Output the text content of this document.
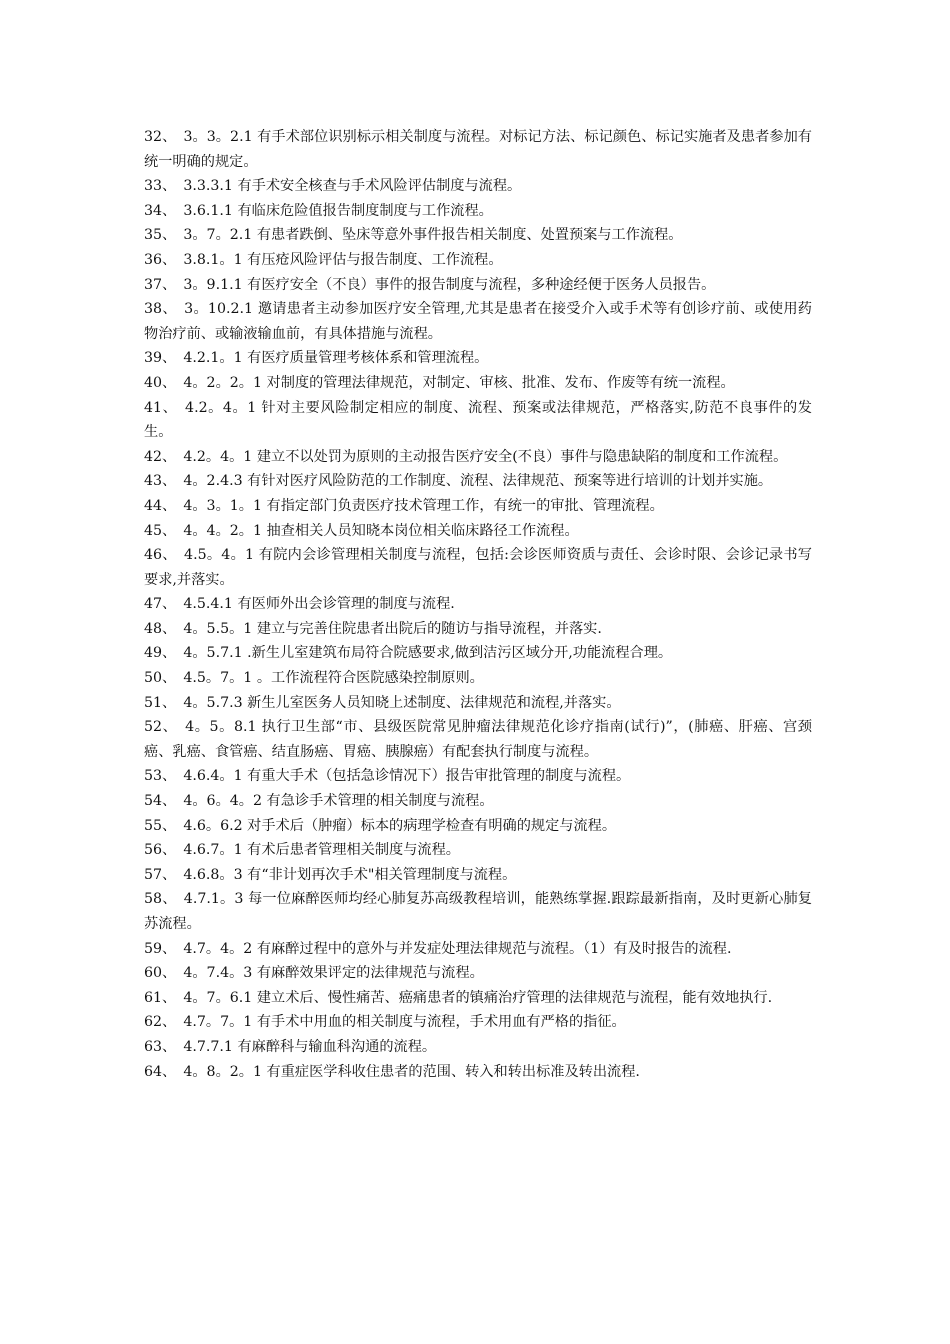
32、　3。3。2.1 有手术部位识别标示相关制度与流程。对标记方法、标记颜色、标记实施者及患者参加有统一明确的规定。

33、　3.3.3.1 有手术安全核查与手术风险评估制度与流程。

34、　3.6.1.1 有临床危险值报告制度制度与工作流程。

35、　3。7。2.1 有患者跌倒、坠床等意外事件报告相关制度、处置预案与工作流程。

36、　3.8.1。1 有压疮风险评估与报告制度、工作流程。

37、　3。9.1.1 有医疗安全（不良）事件的报告制度与流程，多种途经便于医务人员报告。

38、　3。10.2.1 邀请患者主动参加医疗安全管理,尤其是患者在接受介入或手术等有创诊疗前、或使用药物治疗前、或输液输血前，有具体措施与流程。

39、　4.2.1。1 有医疗质量管理考核体系和管理流程。

40、　4。2。2。1 对制度的管理法律规范，对制定、审核、批准、发布、作废等有统一流程。

41、　4.2。4。1 针对主要风险制定相应的制度、流程、预案或法律规范，严格落实,防范不良事件的发生。

42、　4.2。4。1 建立不以处罚为原则的主动报告医疗安全(不良）事件与隐患缺陷的制度和工作流程。

43、　4。2.4.3 有针对医疗风险防范的工作制度、流程、法律规范、预案等进行培训的计划并实施。

44、　4。3。1。1 有指定部门负责医疗技术管理工作，有统一的审批、管理流程。

45、　4。4。2。1 抽查相关人员知晓本岗位相关临床路径工作流程。

46、　4.5。4。1 有院内会诊管理相关制度与流程，包括:会诊医师资质与责任、会诊时限、会诊记录书写要求,并落实。

47、　4.5.4.1 有医师外出会诊管理的制度与流程.

48、　4。5.5。1 建立与完善住院患者出院后的随访与指导流程，并落实.

49、　4。5.7.1 .新生儿室建筑布局符合院感要求,做到洁污区域分开,功能流程合理。

50、　4.5。7。1 。工作流程符合医院感染控制原则。

51、　4。5.7.3 新生儿室医务人员知晓上述制度、法律规范和流程,并落实。

52、　4。5。8.1 执行卫生部“市、县级医院常见肿瘤法律规范化诊疗指南(试行)”，(肺癌、肝癌、宫颈癌、乳癌、食管癌、结直肠癌、胃癌、胰腺癌）有配套执行制度与流程。

53、　4.6.4。1 有重大手术（包括急诊情况下）报告审批管理的制度与流程。

54、　4。6。4。2 有急诊手术管理的相关制度与流程。

55、　4.6。6.2 对手术后（肿瘤）标本的病理学检查有明确的规定与流程。

56、　4.6.7。1 有术后患者管理相关制度与流程。

57、　4.6.8。3 有“非计划再次手术"相关管理制度与流程。

58、　4.7.1。3 每一位麻醉医师均经心肺复苏高级教程培训，能熟练掌握.跟踪最新指南，及时更新心肺复苏流程。

59、　4.7。4。2 有麻醉过程中的意外与并发症处理法律规范与流程。（1）有及时报告的流程.

60、　4。7.4。3 有麻醉效果评定的法律规范与流程。

61、　4。7。6.1 建立术后、慢性痛苦、癌痛患者的镇痛治疗管理的法律规范与流程，能有效地执行.

62、　4.7。7。1 有手术中用血的相关制度与流程，手术用血有严格的指征。

63、　4.7.7.1 有麻醉科与输血科沟通的流程。

64、　4。8。2。1 有重症医学科收住患者的范围、转入和转出标准及转出流程.
